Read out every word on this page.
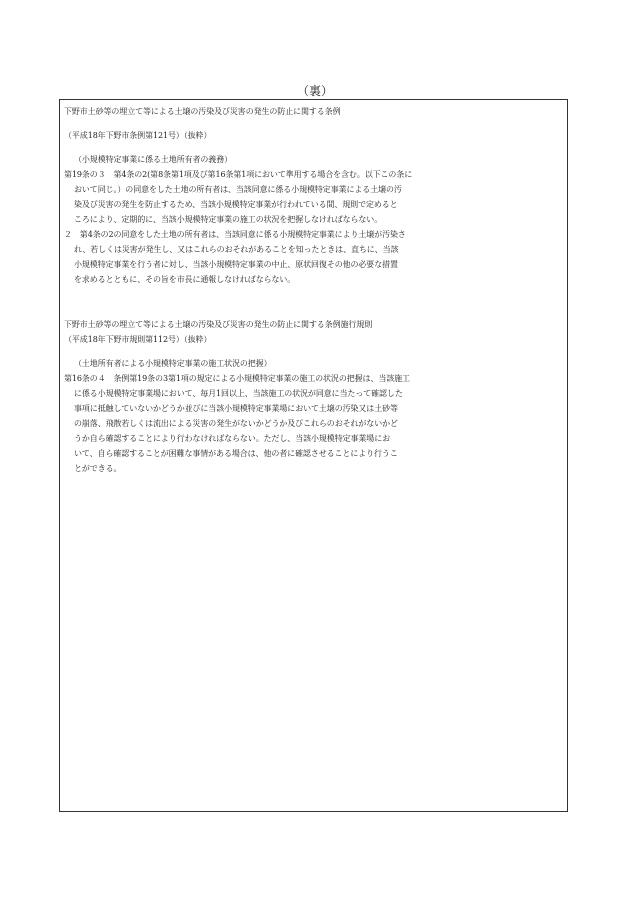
（裏）
下野市土砂等の埋立て等による土壌の汚染及び災害の発生の防止に関する条例
（平成18年下野市条例第121号）（抜粋）
（小規模特定事業に係る土地所有者の義務）
第19条の３　第4条の2(第8条第1項及び第16条第1項において準用する場合を含む。以下この条に
おいて同じ。）の同意をした土地の所有者は、当該同意に係る小規模特定事業による土壌の汚
染及び災害の発生を防止するため、当該小規模特定事業が行われている間、規則で定めると
ころにより、定期的に、当該小規模特定事業の施工の状況を把握しなければならない。
２　第4条の2の同意をした土地の所有者は、当該同意に係る小規模特定事業により土壌が汚染さ
れ、若しくは災害が発生し、又はこれらのおそれがあることを知ったときは、直ちに、当該
小規模特定事業を行う者に対し、当該小規模特定事業の中止、原状回復その他の必要な措置
を求めるとともに、その旨を市長に通報しなければならない。
下野市土砂等の埋立て等による土壌の汚染及び災害の発生の防止に関する条例施行規則
（平成18年下野市規則第112号）（抜粋）
（土地所有者による小規模特定事業の施工状況の把握）
第16条の４　条例第19条の3第1項の規定による小規模特定事業の施工の状況の把握は、当該施工
に係る小規模特定事業場において、毎月1回以上、当該施工の状況が同意に当たって確認した
事項に抵触していないかどうか並びに当該小規模特定事業場において土壌の汚染又は土砂等
の崩落、飛散若しくは流出による災害の発生がないかどうか及びこれらのおそれがないかど
うか自ら確認することにより行わなければならない。ただし、当該小規模特定事業場にお
いて、自ら確認することが困難な事情がある場合は、他の者に確認させることにより行うこ
とができる。
